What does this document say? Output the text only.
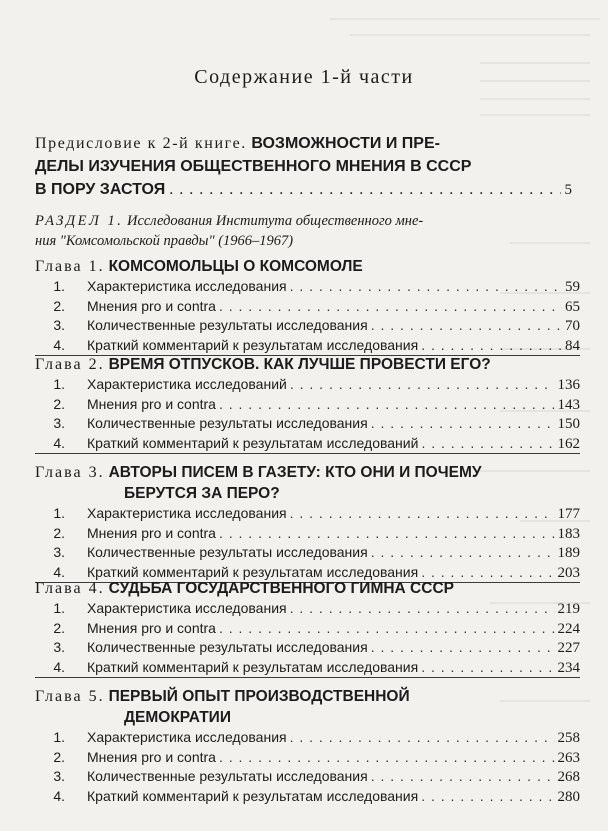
Содержание 1-й части
Предисловие к 2-й книге. ВОЗМОЖНОСТИ И ПРЕ-
ДЕЛЫ ИЗУЧЕНИЯ ОБЩЕСТВЕННОГО МНЕНИЯ В СССР
В ПОРУ ЗАСТОЯ . . .	5
РАЗДЕЛ 1. Исследования Института общественного мне-
ния "Комсомольской правды" (1966–1967)
Глава 1. КОМСОМОЛЬЦЫ О КОМСОМОЛЕ
1. Характеристика исследования . . .	59
2. Мнения pro и contra . . .	65
3. Количественные результаты исследования . . .	70
4. Краткий комментарий к результатам исследования . . .	84
Глава 2. ВРЕМЯ ОТПУСКОВ. КАК ЛУЧШЕ ПРОВЕСТИ ЕГО?
1. Характеристика исследований . . .	136
2. Мнения pro и contra . . .	143
3. Количественные результаты исследования . . .	150
4. Краткий комментарий к результатам исследований . . .	162
Глава 3. АВТОРЫ ПИСЕМ В ГАЗЕТУ: КТО ОНИ И ПОЧЕМУ
БЕРУТСЯ ЗА ПЕРО?
1. Характеристика исследования . . .	177
2. Мнения pro и contra . . .	183
3. Количественные результаты исследования . . .	189
4. Краткий комментарий к результатам исследования . . .	203
Глава 4. СУДЬБА ГОСУДАРСТВЕННОГО ГИМНА СССР
1. Характеристика исследования . . .	219
2. Мнения pro и contra . . .	224
3. Количественные результаты исследования . . .	227
4. Краткий комментарий к результатам исследования . . .	234
Глава 5. ПЕРВЫЙ ОПЫТ ПРОИЗВОДСТВЕННОЙ
ДЕМОКРАТИИ
1. Характеристика исследования . . .	258
2. Мнения pro и contra . . .	263
3. Количественные результаты исследования . . .	268
4. Краткий комментарий к результатам исследования . . .	280
